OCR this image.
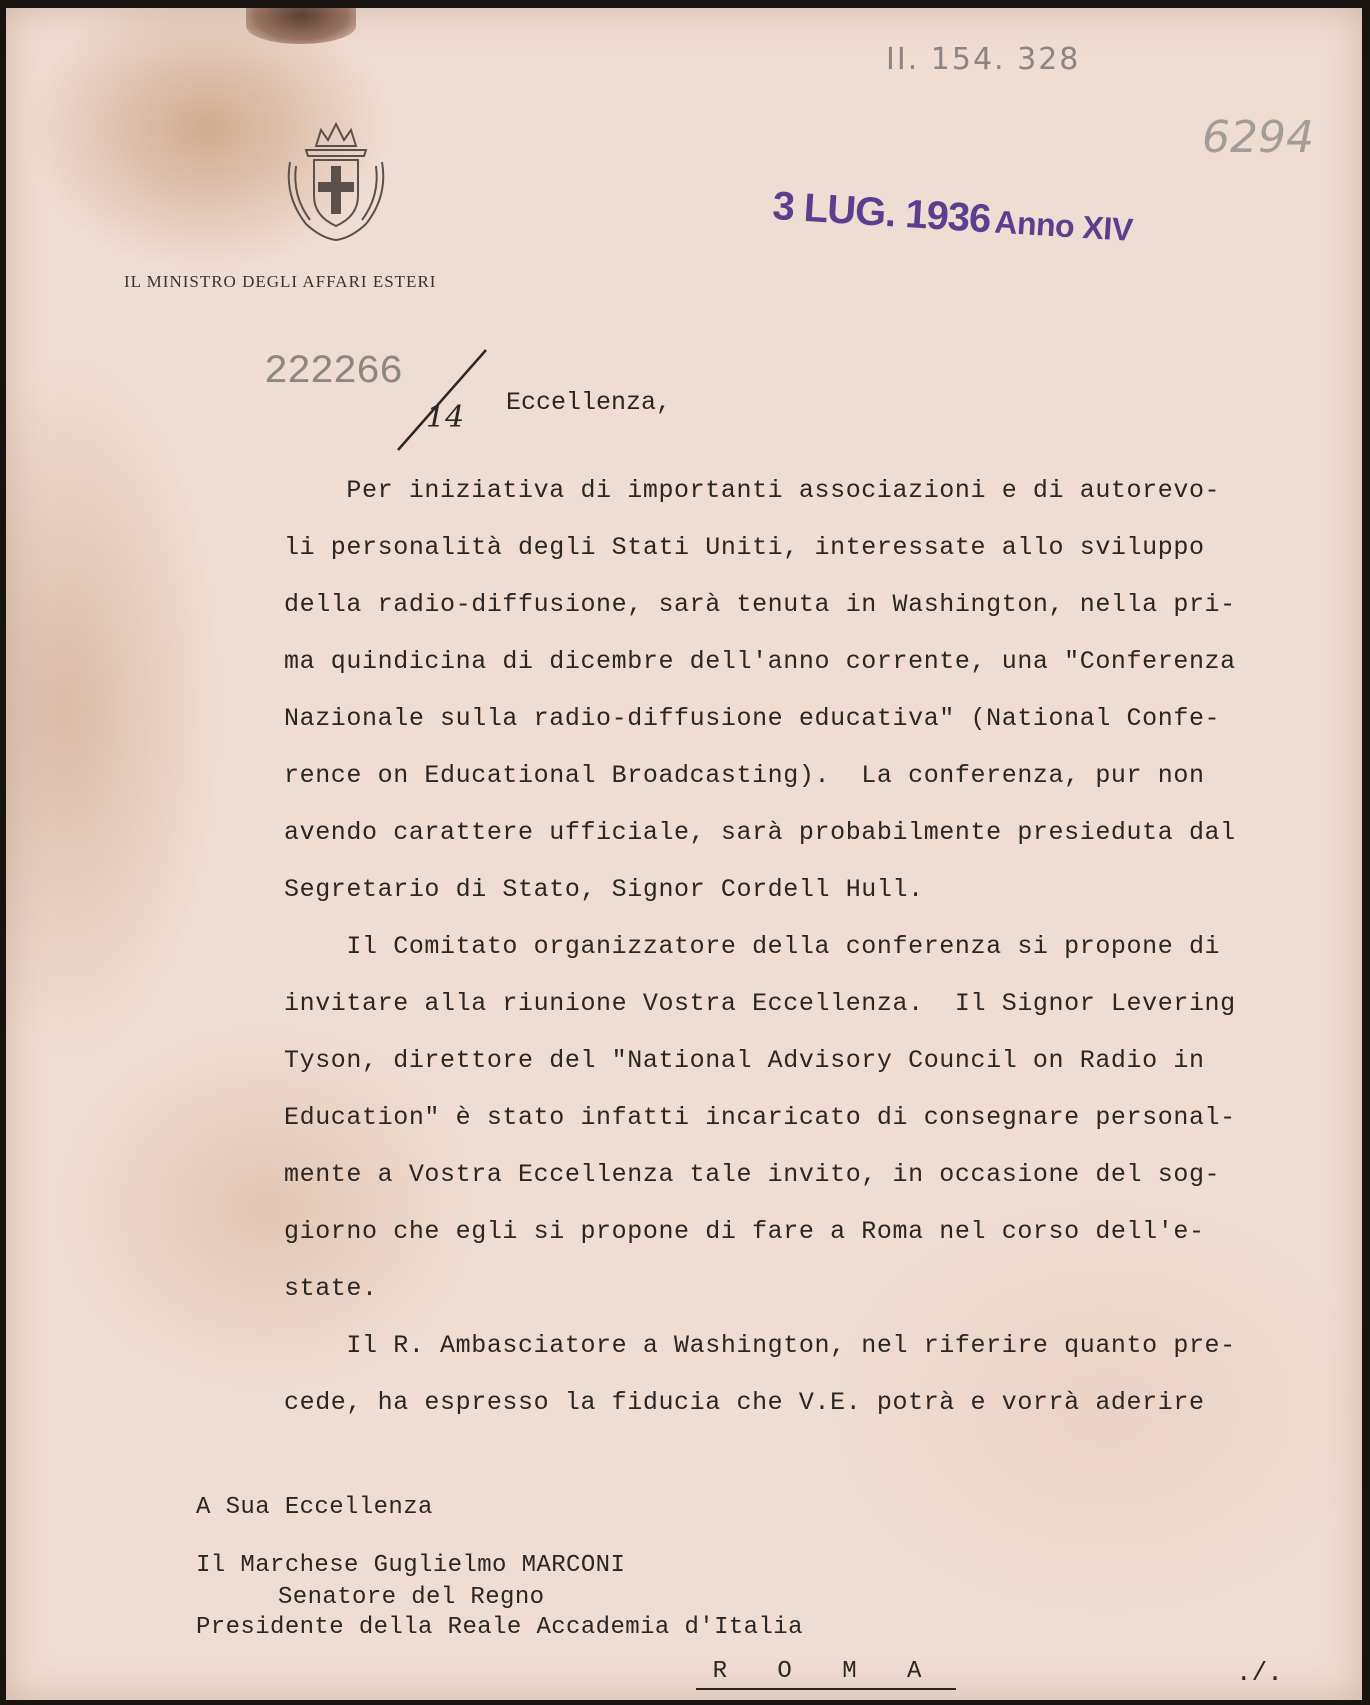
IL MINISTRO DEGLI AFFARI ESTERI
II. 154. 328
6294
3 LUG. 1936 Anno XIV
222266
14	Eccellenza,
Per iniziativa di importanti associazioni e di autorevo-
li personalità degli Stati Uniti, interessate allo sviluppo
della radio-diffusione, sarà tenuta in Washington, nella pri-
ma quindicina di dicembre dell'anno corrente, una "Conferenza
Nazionale sulla radio-diffusione educativa" (National Confe-
rence on Educational Broadcasting).  La conferenza, pur non
avendo carattere ufficiale, sarà probabilmente presieduta dal
Segretario di Stato, Signor Cordell Hull.
Il Comitato organizzatore della conferenza si propone di
invitare alla riunione Vostra Eccellenza.  Il Signor Levering
Tyson, direttore del "National Advisory Council on Radio in
Education" è stato infatti incaricato di consegnare personal-
mente a Vostra Eccellenza tale invito, in occasione del sog-
giorno che egli si propone di fare a Roma nel corso dell'e-
state.
Il R. Ambasciatore a Washington, nel riferire quanto pre-
cede, ha espresso la fiducia che V.E. potrà e vorrà aderire
A Sua Eccellenza
Il Marchese Guglielmo MARCONI
Senatore del Regno
Presidente della Reale Accademia d'Italia
R O M A	./.
